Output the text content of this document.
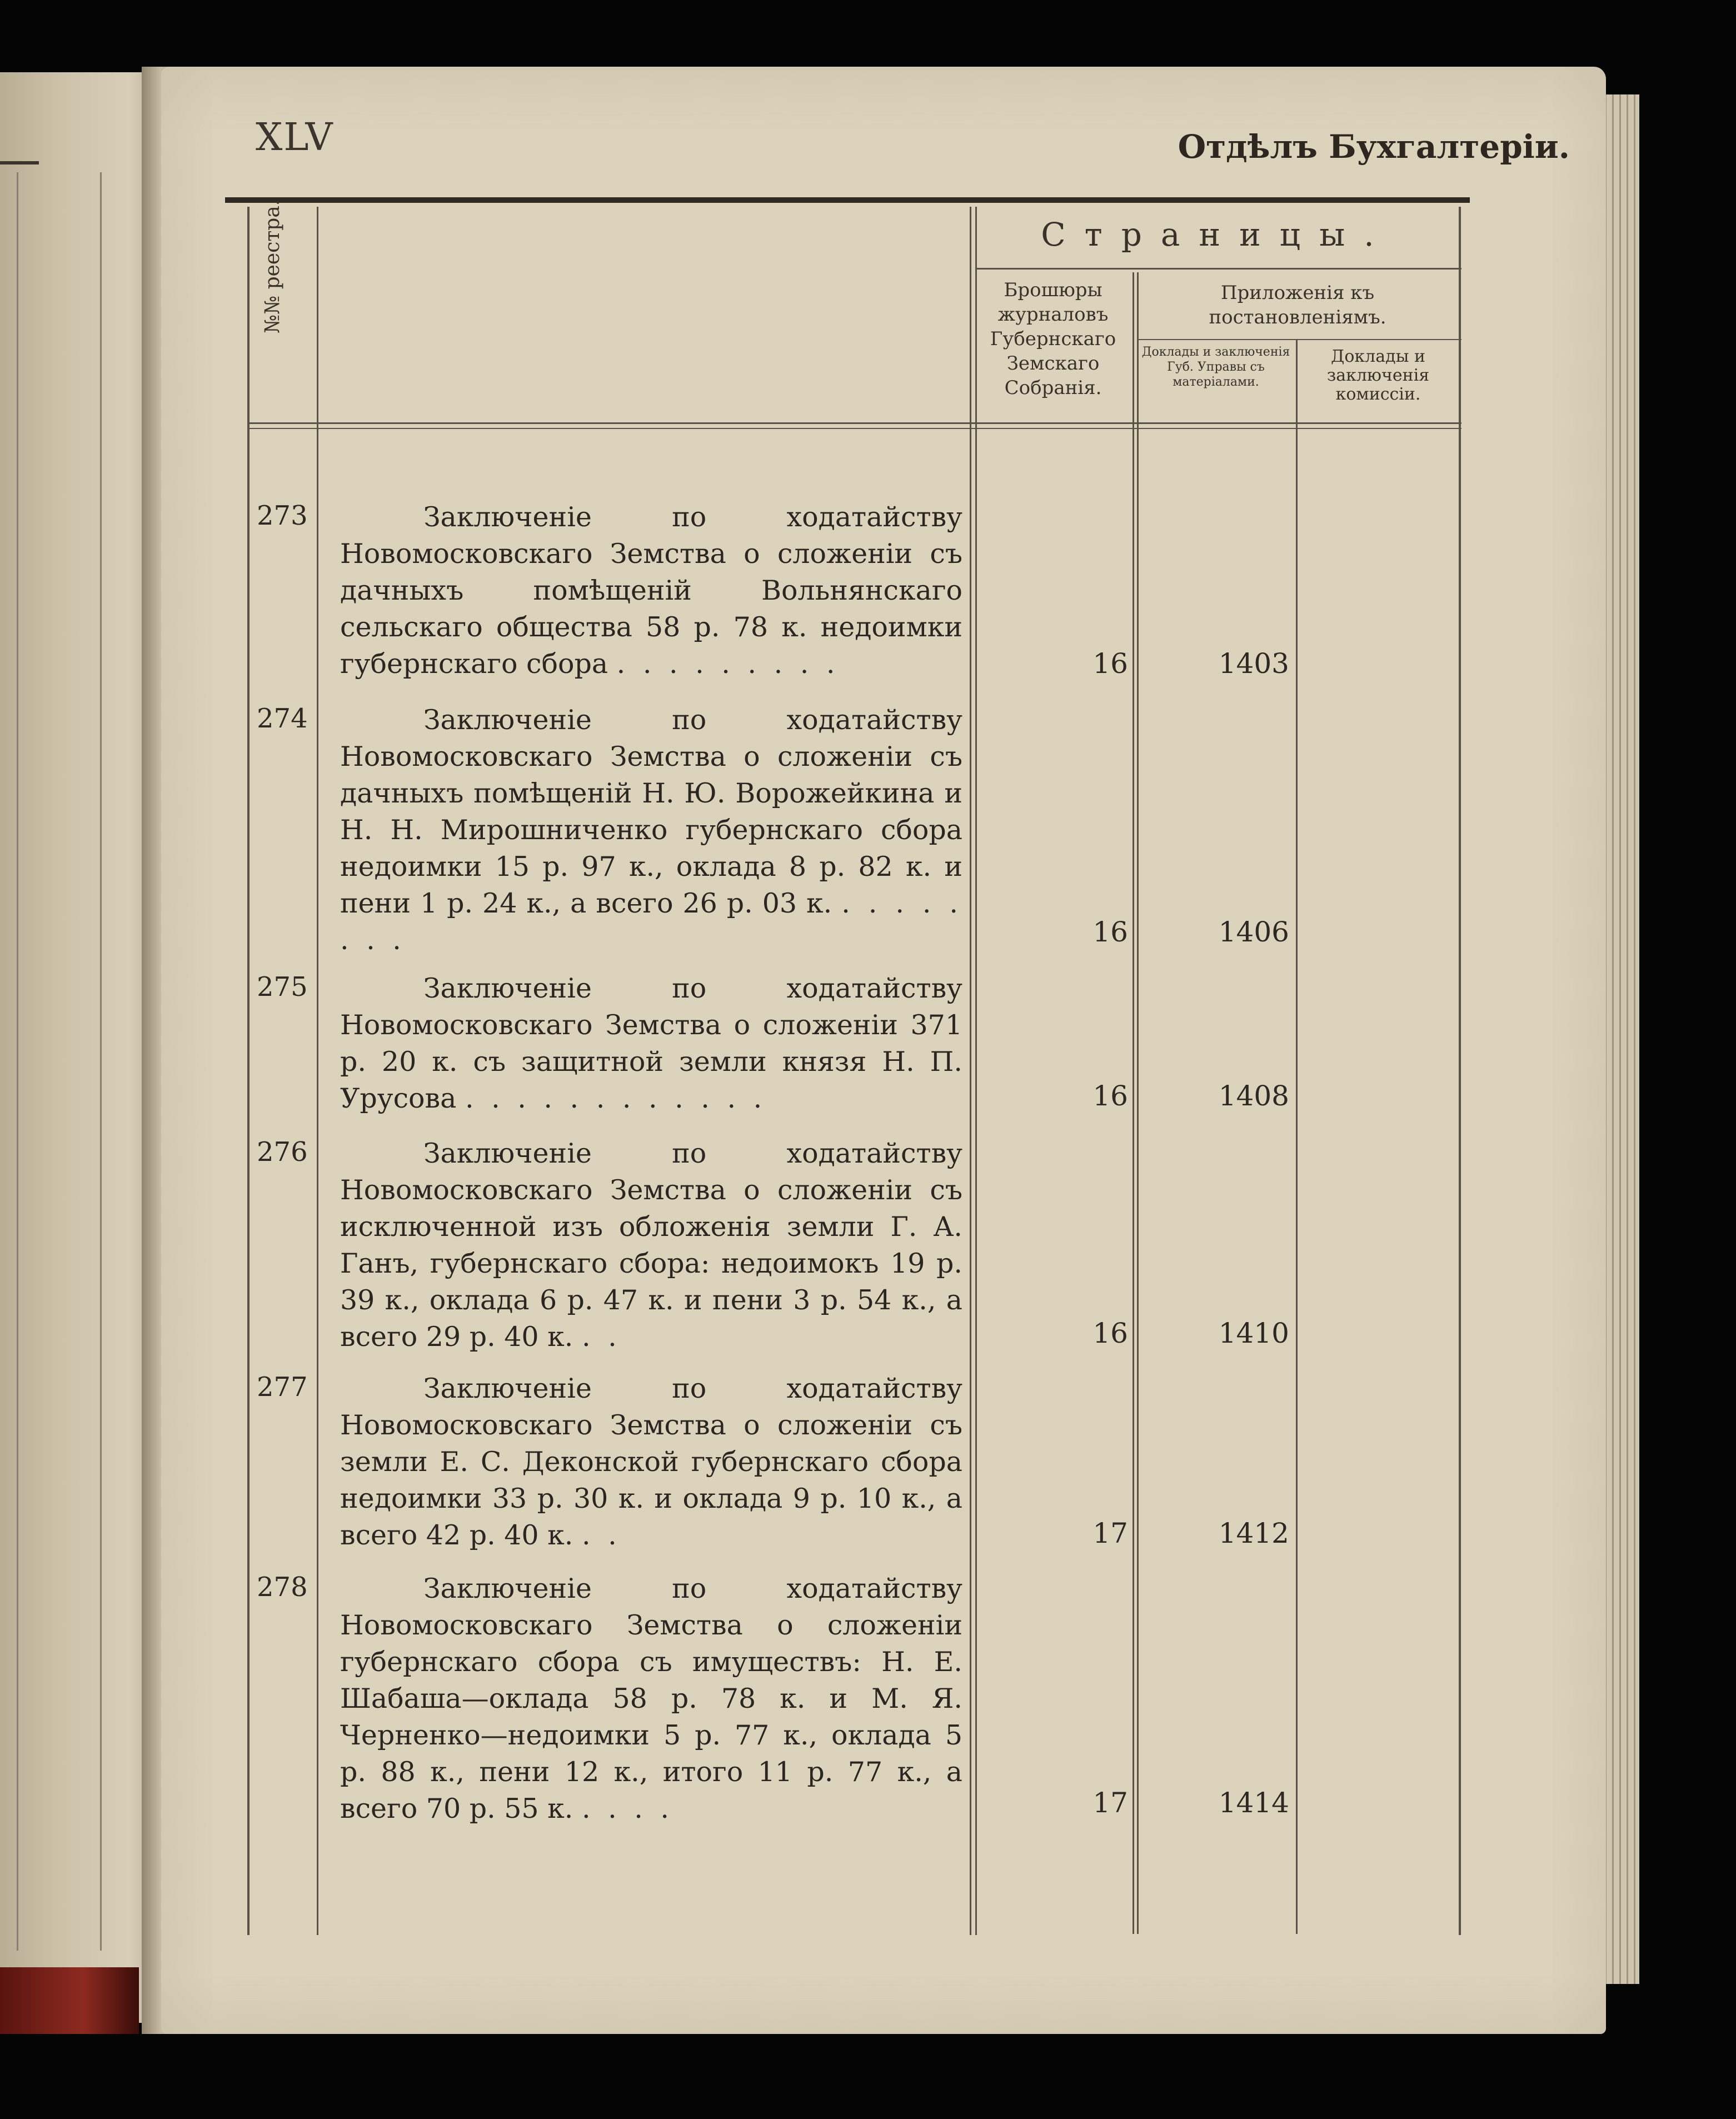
XLV	Отдѣлъ Бухгалтеріи.
Страницы.
№№ реестра.	Брошюры журналовъ Губернскаго Земскаго Собранія.
Приложенія къ постановленіямъ.
Доклады и заключенія Губ. Управы съ матеріалами.
Доклады и заключенія комиссіи.
273	Заключеніе по ходатайству Новомосковскаго Земства о сложеніи съ дачныхъ помѣщеній Вольнянскаго сельскаго общества 58 р. 78 к. недоимки губернскаго сбора . . . . . . . . .	16	1403
274	Заключеніе по ходатайству Новомосковскаго Земства о сложеніи съ дачныхъ помѣщеній Н. Ю. Ворожейкина и Н. Н. Мирошниченко губернскаго сбора недоимки 15 р. 97 к., оклада 8 р. 82 к. и пени 1 р. 24 к., а всего 26 р. 03 к. . . . . . . . .	16	1406
275	Заключеніе по ходатайству Новомосковскаго Земства о сложеніи 371 р. 20 к. съ защитной земли князя Н. П. Урусова . . . . . . . . . . . .	16	1408
276	Заключеніе по ходатайству Новомосковскаго Земства о сложеніи съ исключенной изъ обложенія земли Г. А. Ганъ, губернскаго сбора: недоимокъ 19 р. 39 к., оклада 6 р. 47 к. и пени 3 р. 54 к., а всего 29 р. 40 к. . .	16	1410
277	Заключеніе по ходатайству Новомосковскаго Земства о сложеніи съ земли Е. С. Деконской губернскаго сбора недоимки 33 р. 30 к. и оклада 9 р. 10 к., а всего 42 р. 40 к. . .	17	1412
278	Заключеніе по ходатайству Новомосковскаго Земства о сложеніи губернскаго сбора съ имуществъ: Н. Е. Шабаша—оклада 58 р. 78 к. и М. Я. Черненко—недоимки 5 р. 77 к., оклада 5 р. 88 к., пени 12 к., итого 11 р. 77 к., а всего 70 р. 55 к. . . . .	17	1414
